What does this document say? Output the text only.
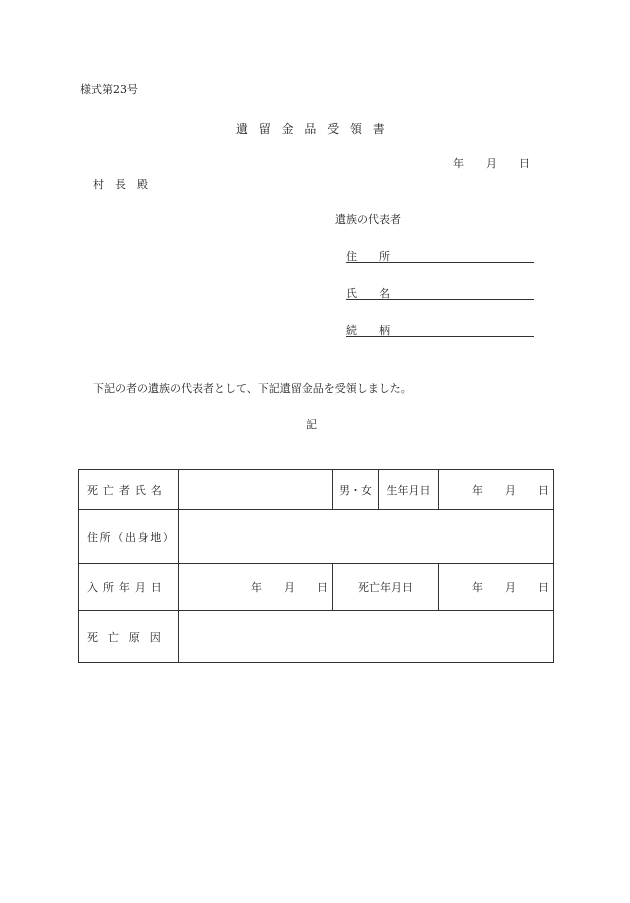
様式第23号
遺留金品受領書
年　　月　　日
村　長　殿
遺族の代表者
住　　所
氏　　名
続　　柄
下記の者の遺族の代表者として、下記遺留金品を受領しました。
記
死亡者氏名		男・女	生年月日	年　　月　　日
住所（出身地）				
入所年月日	年　　月　　日	死亡年月日		年　　月　　日
死亡原因				
